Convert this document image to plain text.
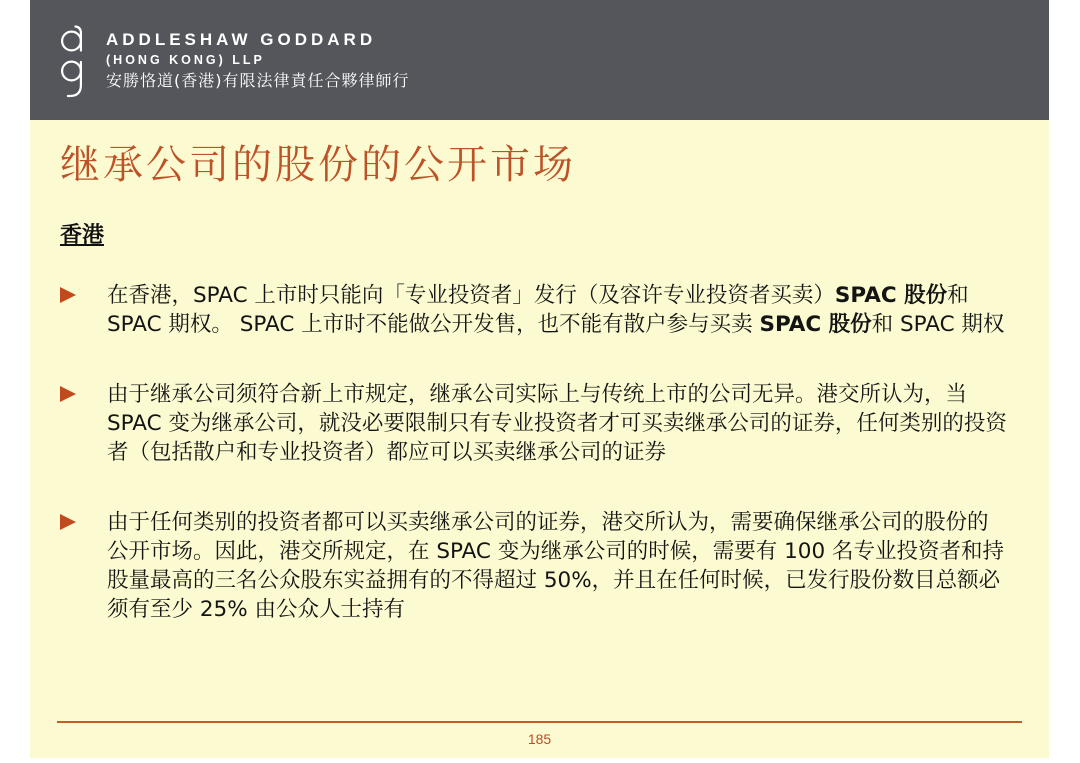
ADDLESHAW GODDARD
(HONG KONG) LLP
安勝恪道(香港)有限法律責任合夥律師行
继承公司的股份的公开市场
香港

在香港，SPAC 上市时只能向「专业投资者」发行（及容许专业投资者买卖）SPAC 股份和 SPAC 期权。 SPAC 上市时不能做公开发售，也不能有散户参与买卖 SPAC 股份和 SPAC 期权

由于继承公司须符合新上市规定，继承公司实际上与传统上市的公司无异。港交所认为，当 SPAC 变为继承公司，就没必要限制只有专业投资者才可买卖继承公司的证券，任何类别的投资者（包括散户和专业投资者）都应可以买卖继承公司的证券

由于任何类别的投资者都可以买卖继承公司的证券，港交所认为，需要确保继承公司的股份的公开市场。因此，港交所规定，在 SPAC 变为继承公司的时候，需要有 100 名专业投资者和持股量最高的三名公众股东实益拥有的不得超过 50%，并且在任何时候，已发行股份数目总额必须有至少 25% 由公众人士持有

185
